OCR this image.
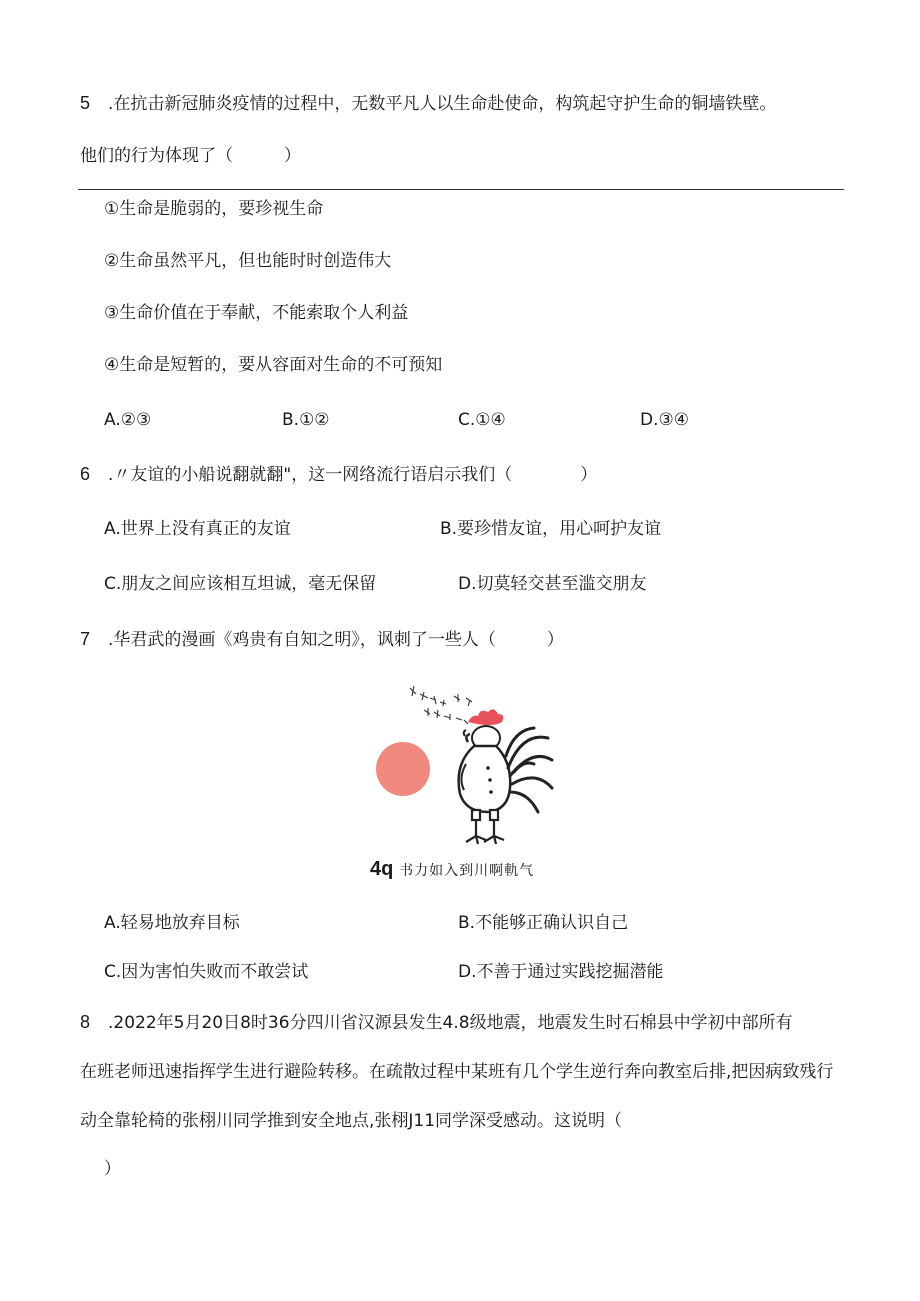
5 .在抗击新冠肺炎疫情的过程中，无数平凡人以生命赴使命，构筑起守护生命的铜墙铁壁。
他们的行为体现了（　　　）
①生命是脆弱的，要珍视生命
②生命虽然平凡，但也能时时创造伟大
③生命价值在于奉献，不能索取个人利益
④生命是短暂的，要从容面对生命的不可预知
A.②③	B.①②	C.①④	D.③④
6 .〃友谊的小船说翻就翻"，这一网络流行语启示我们（　　　　）
A.世界上没有真正的友谊	B.要珍惜友谊，用心呵护友谊
C.朋友之间应该相互坦诚，毫无保留	D.切莫轻交甚至滥交朋友
7 .华君武的漫画《鸡贵有自知之明》，讽刺了一些人（　　　）
4q 书力如入到川啊軌气
A.轻易地放弃目标	B.不能够正确认识自己
C.因为害怕失败而不敢尝试	D.不善于通过实践挖掘潜能
8 .2022年5月20日8时36分四川省汉源县发生4.8级地震，地震发生时石棉县中学初中部所有
在班老师迅速指挥学生进行避险转移。在疏散过程中某班有几个学生逆行奔向教室后排,把因病致残行
动全靠轮椅的张栩川同学推到安全地点,张栩J11同学深受感动。这说明（
）
